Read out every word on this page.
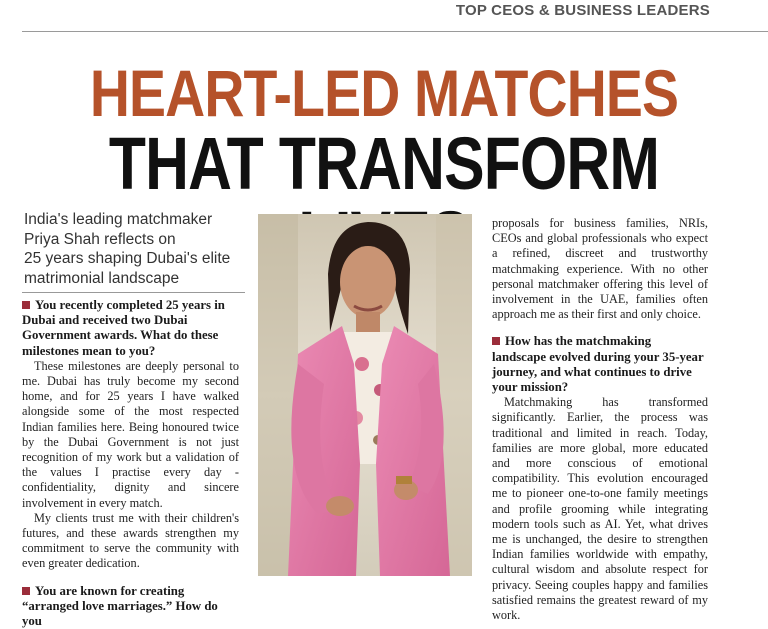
TOP CEOS & BUSINESS LEADERS
HEART-LED MATCHES
THAT TRANSFORM
India's leading matchmaker
Priya Shah reflects on
25 years shaping Dubai's elite
matrimonial landscape

You recently completed 25 years in Dubai and received two Dubai Government awards. What do these milestones mean to you?

These milestones are deeply personal to me. Dubai has truly become my second home, and for 25 years I have walked alongside some of the most respected Indian families here. Being honoured twice by the Dubai Government is not just recognition of my work but a validation of the values I practise every day - confidentiality, dignity and sincere involvement in every match.

My clients trust me with their children's futures, and these awards strengthen my commitment to serve the community with even greater dedication.

You are known for creating “arranged love marriages.” How do you

proposals for business families, NRIs, CEOs and global professionals who expect a refined, discreet and trustworthy matchmaking experience. With no other personal matchmaker offering this level of involvement in the UAE, families often approach me as their first and only choice.

How has the matchmaking landscape evolved during your 35-year journey, and what continues to drive your mission?

Matchmaking has transformed significantly. Earlier, the process was traditional and limited in reach. Today, families are more global, more educated and more conscious of emotional compatibility. This evolution encouraged me to pioneer one-to-one family meetings and profile grooming while integrating modern tools such as AI. Yet, what drives me is unchanged, the desire to strengthen Indian families worldwide with empathy, cultural wisdom and absolute respect for privacy. Seeing couples happy and families satisfied remains the greatest reward of my work.
